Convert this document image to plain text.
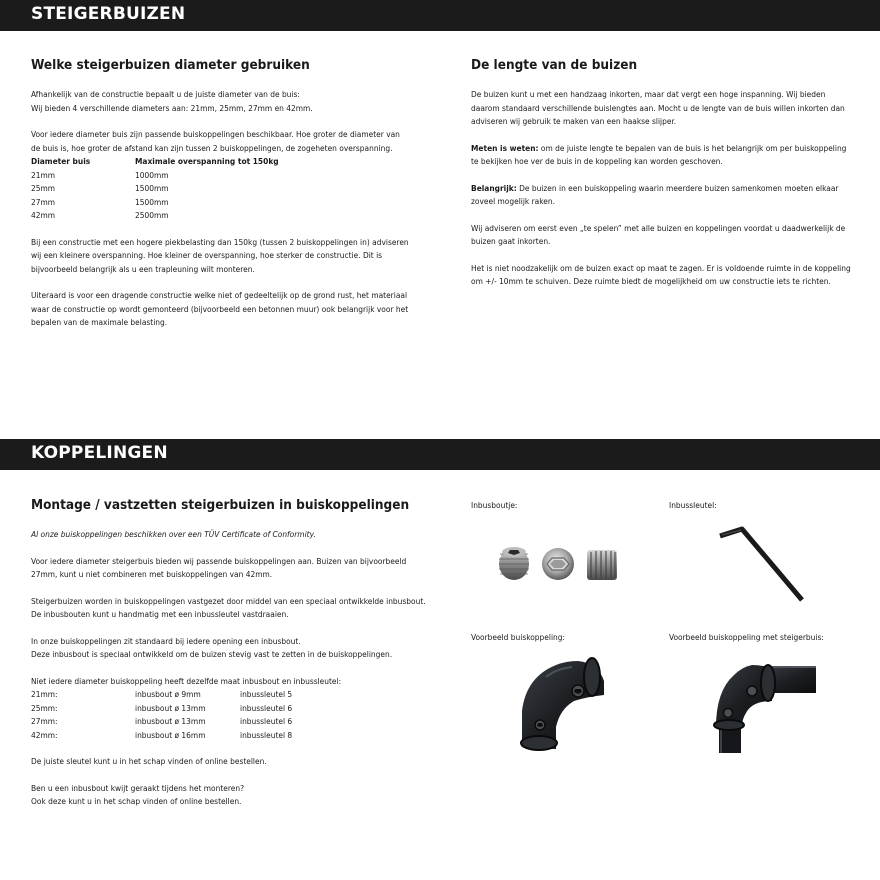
STEIGERBUIZEN
Welke steigerbuizen diameter gebruiken

Afhankelijk van de constructie bepaalt u de juiste diameter van de buis:
Wij bieden 4 verschillende diameters aan: 21mm, 25mm, 27mm en 42mm.

Voor iedere diameter buis zijn passende buiskoppelingen beschikbaar. Hoe groter de diameter van de buis is, hoe groter de afstand kan zijn tussen 2 buiskoppelingen, de zogeheten overspanning.

Diameter buis	Maximale overspanning tot 150kg
21mm	1000mm
25mm	1500mm
27mm	1500mm
42mm	2500mm

Bij een constructie met een hogere piekbelasting dan 150kg (tussen 2 buiskoppelingen in) adviseren wij een kleinere overspanning. Hoe kleiner de overspanning, hoe sterker de constructie. Dit is bijvoorbeeld belangrijk als u een trapleuning wilt monteren.

Uiteraard is voor een dragende constructie welke niet of gedeeltelijk op de grond rust, het materiaal waar de constructie op wordt gemonteerd (bijvoorbeeld een betonnen muur) ook belangrijk voor het bepalen van de maximale belasting.

De lengte van de buizen

De buizen kunt u met een handzaag inkorten, maar dat vergt een hoge inspanning. Wij bieden daarom standaard verschillende buislengtes aan. Mocht u de lengte van de buis willen inkorten dan adviseren wij gebruik te maken van een haakse slijper.

Meten is weten: om de juiste lengte te bepalen van de buis is het belangrijk om per buiskoppeling te bekijken hoe ver de buis in de koppeling kan worden geschoven.

Belangrijk: De buizen in een buiskoppeling waarin meerdere buizen samenkomen moeten elkaar zoveel mogelijk raken.

Wij adviseren om eerst even „te spelen” met alle buizen en koppelingen voordat u daadwerkelijk de buizen gaat inkorten.

Het is niet noodzakelijk om de buizen exact op maat te zagen. Er is voldoende ruimte in de koppeling om +/- 10mm te schuiven. Deze ruimte biedt de mogelijkheid om uw constructie iets te richten.

KOPPELINGEN
Montage / vastzetten steigerbuizen in buiskoppelingen

Al onze buiskoppelingen beschikken over een TÜV Certificate of Conformity.

Voor iedere diameter steigerbuis bieden wij passende buiskoppelingen aan. Buizen van bijvoorbeeld 27mm, kunt u niet combineren met buiskoppelingen van 42mm.

Steigerbuizen worden in buiskoppelingen vastgezet door middel van een speciaal ontwikkelde inbusbout. De inbusbouten kunt u handmatig met een inbussleutel vastdraaien.

In onze buiskoppelingen zit standaard bij iedere opening een inbusbout.
Deze inbusbout is speciaal ontwikkeld om de buizen stevig vast te zetten in de buiskoppelingen.

Niet iedere diameter buiskoppeling heeft dezelfde maat inbusbout en inbussleutel:

21mm:	inbusbout ø 9mm	inbussleutel 5
25mm:	inbusbout ø 13mm	inbussleutel 6
27mm:	inbusbout ø 13mm	inbussleutel 6
42mm:	inbusbout ø 16mm	inbussleutel 8

De juiste sleutel kunt u in het schap vinden of online bestellen.

Ben u een inbusbout kwijt geraakt tijdens het monteren?
Ook deze kunt u in het schap vinden of online bestellen.

Inbusboutje:	Inbussleutel:
Voorbeeld buiskoppeling:	Voorbeeld buiskoppeling met steigerbuis:
